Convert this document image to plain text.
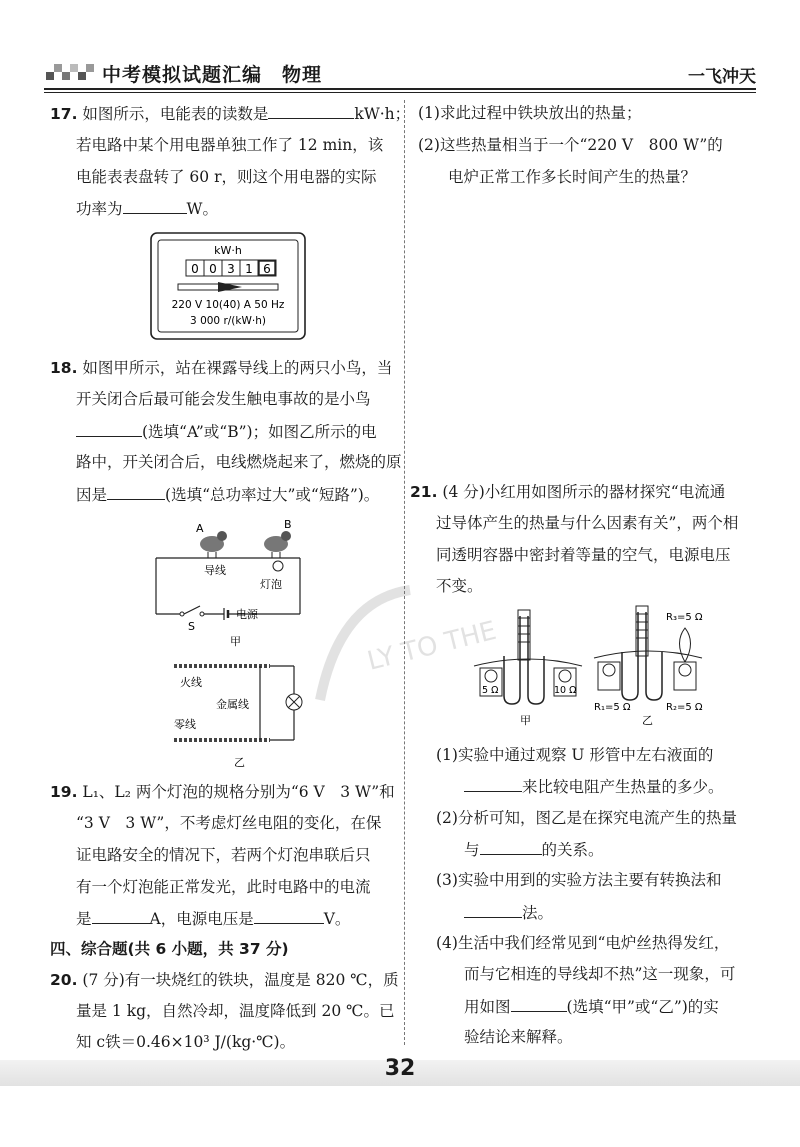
中考模拟试题汇编　物理	一飞冲天
17. 如图所示，电能表的读数是	kW·h；
若电路中某个用电器单独工作了 12 min，该
电能表表盘转了 60 r，则这个用电器的实际
功率为	W。
kW·h
0 0 3 1 6
220 V 10(40) A 50 Hz
3 000 r/(kW·h)
18. 如图甲所示，站在裸露导线上的两只小鸟，当
开关闭合后最可能会发生触电事故的是小鸟
(选填“A”或“B”)；如图乙所示的电
路中，开关闭合后，电线燃烧起来了，燃烧的原
因是	(选填“总功率过大”或“短路”)。
A	B
导线
灯泡
S
电源
甲
火线
金属线
零线
乙
19. L₁、L₂ 两个灯泡的规格分别为“6 V　3 W”和
“3 V　3 W”，不考虑灯丝电阻的变化，在保
证电路安全的情况下，若两个灯泡串联后只
有一个灯泡能正常发光，此时电路中的电流
是	A，电源电压是	V。
四、综合题(共 6 小题，共 37 分)
20. (7 分)有一块烧红的铁块，温度是 820 ℃，质
量是 1 kg，自然冷却，温度降低到 20 ℃。已
知 c铁＝0.46×10³ J/(kg·℃)。
(1)求此过程中铁块放出的热量；
(2)这些热量相当于一个“220 V　800 W”的
电炉正常工作多长时间产生的热量？
21. (4 分)小红用如图所示的器材探究“电流通
过导体产生的热量与什么因素有关”，两个相
同透明容器中密封着等量的空气，电源电压
不变。
5 Ω	10 Ω
甲
R₃=5 Ω
R₁=5 Ω	R₂=5 Ω
乙
(1)实验中通过观察 U 形管中左右液面的
来比较电阻产生热量的多少。
(2)分析可知，图乙是在探究电流产生的热量
与	的关系。
(3)实验中用到的实验方法主要有转换法和
法。
(4)生活中我们经常见到“电炉丝热得发红，
而与它相连的导线却不热”这一现象，可
用如图	(选填“甲”或“乙”)的实
验结论来解释。
LY TO THE
32
